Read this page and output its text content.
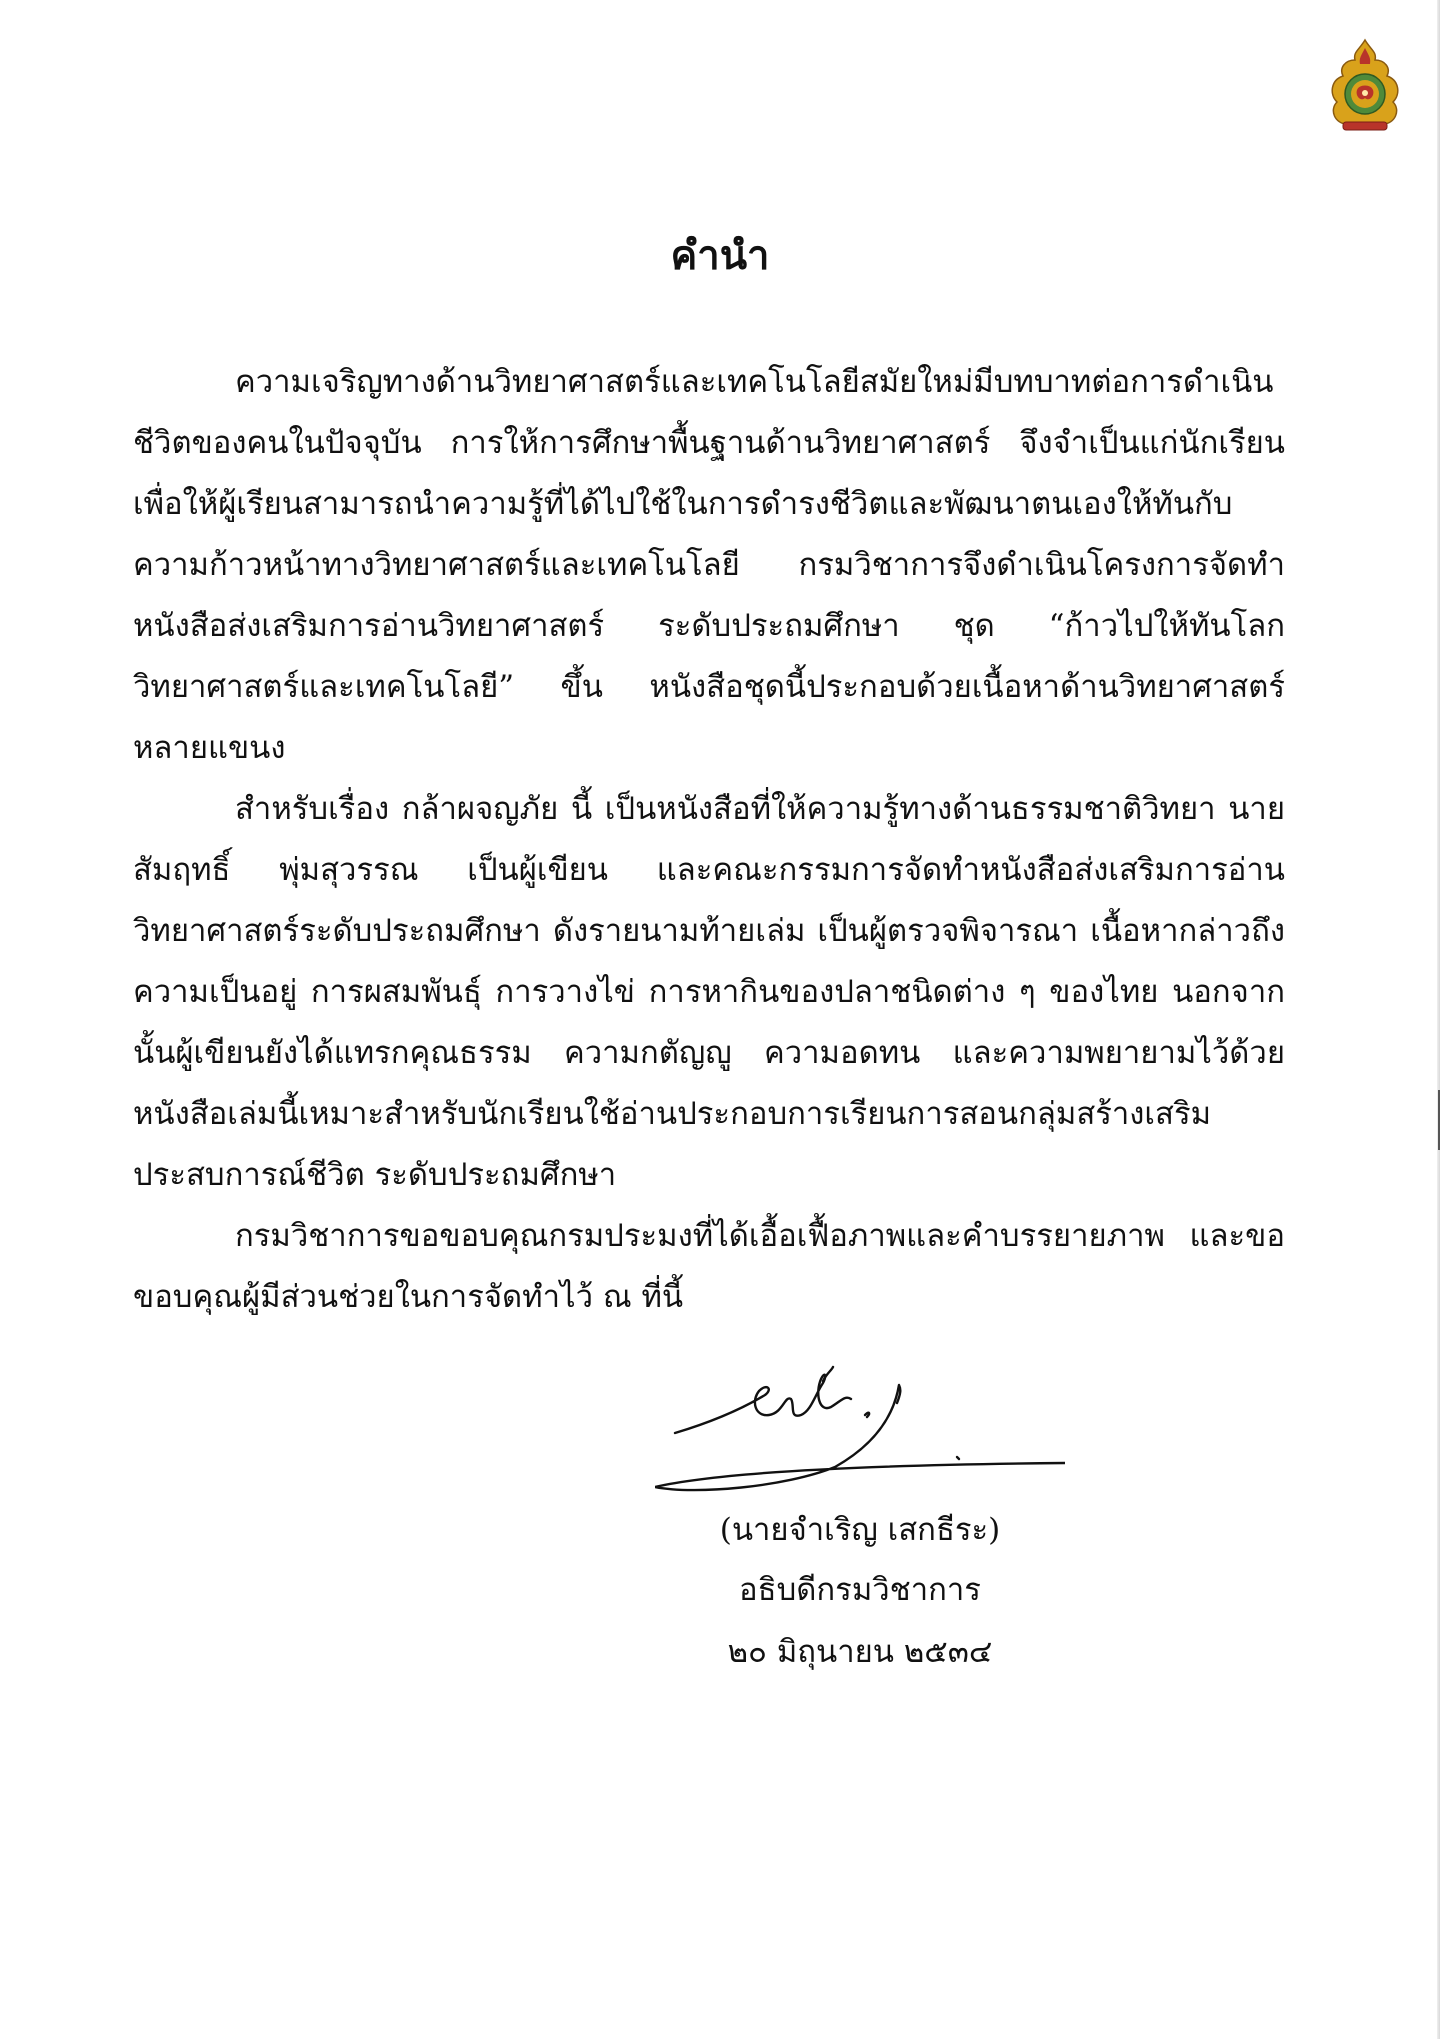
คำนำ

ความเจริญทางด้านวิทยาศาสตร์และเทคโนโลยีสมัยใหม่มีบทบาทต่อการดำเนินชีวิตของคนในปัจจุบัน การให้การศึกษาพื้นฐานด้านวิทยาศาสตร์ จึงจำเป็นแก่นักเรียน เพื่อให้ผู้เรียนสามารถนำความรู้ที่ได้ไปใช้ในการดำรงชีวิตและพัฒนาตนเองให้ทันกับความก้าวหน้าทางวิทยาศาสตร์และเทคโนโลยี กรมวิชาการจึงดำเนินโครงการจัดทำหนังสือส่งเสริมการอ่านวิทยาศาสตร์ ระดับประถมศึกษา ชุด “ก้าวไปให้ทันโลกวิทยาศาสตร์และเทคโนโลยี” ขึ้น หนังสือชุดนี้ประกอบด้วยเนื้อหาด้านวิทยาศาสตร์หลายแขนง

สำหรับเรื่อง กล้าผจญภัย นี้ เป็นหนังสือที่ให้ความรู้ทางด้านธรรมชาติวิทยา นายสัมฤทธิ์ พุ่มสุวรรณ เป็นผู้เขียน และคณะกรรมการจัดทำหนังสือส่งเสริมการอ่านวิทยาศาสตร์ระดับประถมศึกษา ดังรายนามท้ายเล่ม เป็นผู้ตรวจพิจารณา เนื้อหากล่าวถึงความเป็นอยู่ การผสมพันธุ์ การวางไข่ การหากินของปลาชนิดต่าง ๆ ของไทย นอกจากนั้นผู้เขียนยังได้แทรกคุณธรรม ความกตัญญู ความอดทน และความพยายามไว้ด้วย หนังสือเล่มนี้เหมาะสำหรับนักเรียนใช้อ่านประกอบการเรียนการสอนกลุ่มสร้างเสริมประสบการณ์ชีวิต ระดับประถมศึกษา

กรมวิชาการขอขอบคุณกรมประมงที่ได้เอื้อเฟื้อภาพและคำบรรยายภาพ และขอขอบคุณผู้มีส่วนช่วยในการจัดทำไว้ ณ ที่นี้

(นายจำเริญ เสกธีระ)
อธิบดีกรมวิชาการ
๒๐ มิถุนายน ๒๕๓๔
